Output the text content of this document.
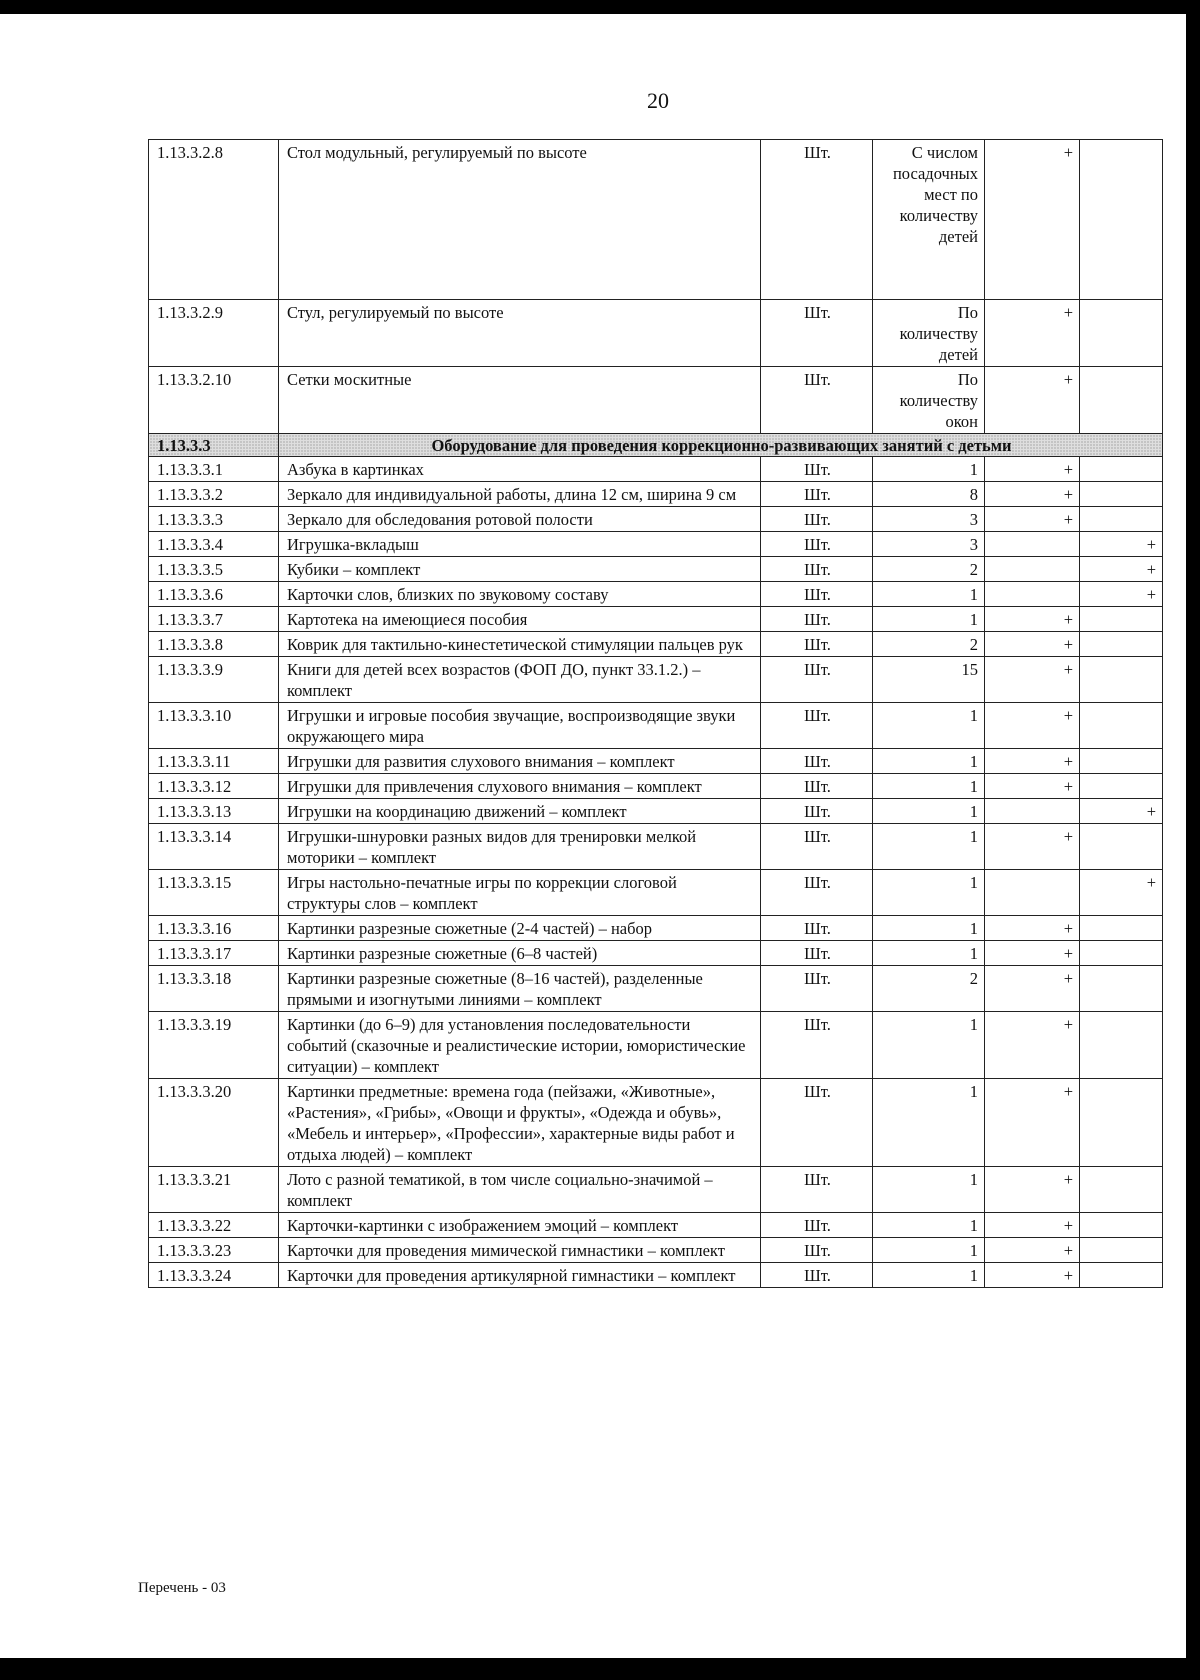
20
1.13.3.2.8	Стол модульный, регулируемый по высоте	Шт.	С числом посадочных мест по количеству детей	+	
1.13.3.2.9	Стул, регулируемый по высоте	Шт.	По количеству детей	+	
1.13.3.2.10	Сетки москитные	Шт.	По количеству окон	+	
1.13.3.3	Оборудование для проведения коррекционно-развивающих занятий с детьми				
1.13.3.3.1	Азбука в картинках	Шт.	1	+	
1.13.3.3.2	Зеркало для индивидуальной работы, длина 12 см, ширина 9 см	Шт.	8	+	
1.13.3.3.3	Зеркало для обследования ротовой полости	Шт.	3	+	
1.13.3.3.4	Игрушка-вкладыш	Шт.	3		+
1.13.3.3.5	Кубики – комплект	Шт.	2		+
1.13.3.3.6	Карточки слов, близких по звуковому составу	Шт.	1		+
1.13.3.3.7	Картотека на имеющиеся пособия	Шт.	1	+	
1.13.3.3.8	Коврик для тактильно-кинестетической стимуляции пальцев рук	Шт.	2	+	
1.13.3.3.9	Книги для детей всех возрастов (ФОП ДО, пункт 33.1.2.) – комплект	Шт.	15	+	
1.13.3.3.10	Игрушки и игровые пособия звучащие, воспроизводящие звуки окружающего мира	Шт.	1	+	
1.13.3.3.11	Игрушки для развития слухового внимания – комплект	Шт.	1	+	
1.13.3.3.12	Игрушки для привлечения слухового внимания – комплект	Шт.	1	+	
1.13.3.3.13	Игрушки на координацию движений – комплект	Шт.	1		+
1.13.3.3.14	Игрушки-шнуровки разных видов для тренировки мелкой моторики – комплект	Шт.	1	+	
1.13.3.3.15	Игры настольно-печатные игры по коррекции слоговой структуры слов – комплект	Шт.	1		+
1.13.3.3.16	Картинки разрезные сюжетные (2-4 частей) – набор	Шт.	1	+	
1.13.3.3.17	Картинки разрезные сюжетные (6–8 частей)	Шт.	1	+	
1.13.3.3.18	Картинки разрезные сюжетные (8–16 частей), разделенные прямыми и изогнутыми линиями – комплект	Шт.	2	+	
1.13.3.3.19	Картинки (до 6–9) для установления последовательности событий (сказочные и реалистические истории, юмористические ситуации) – комплект	Шт.	1	+	
1.13.3.3.20	Картинки предметные: времена года (пейзажи, «Животные», «Растения», «Грибы», «Овощи и фрукты», «Одежда и обувь», «Мебель и интерьер», «Профессии», характерные виды работ и отдыха людей) – комплект	Шт.	1	+	
1.13.3.3.21	Лото с разной тематикой, в том числе социально-значимой – комплект	Шт.	1	+	
1.13.3.3.22	Карточки-картинки с изображением эмоций – комплект	Шт.	1	+	
1.13.3.3.23	Карточки для проведения мимической гимнастики – комплект	Шт.	1	+	
1.13.3.3.24	Карточки для проведения артикулярной гимнастики – комплект	Шт.	1	+	
Перечень - 03
